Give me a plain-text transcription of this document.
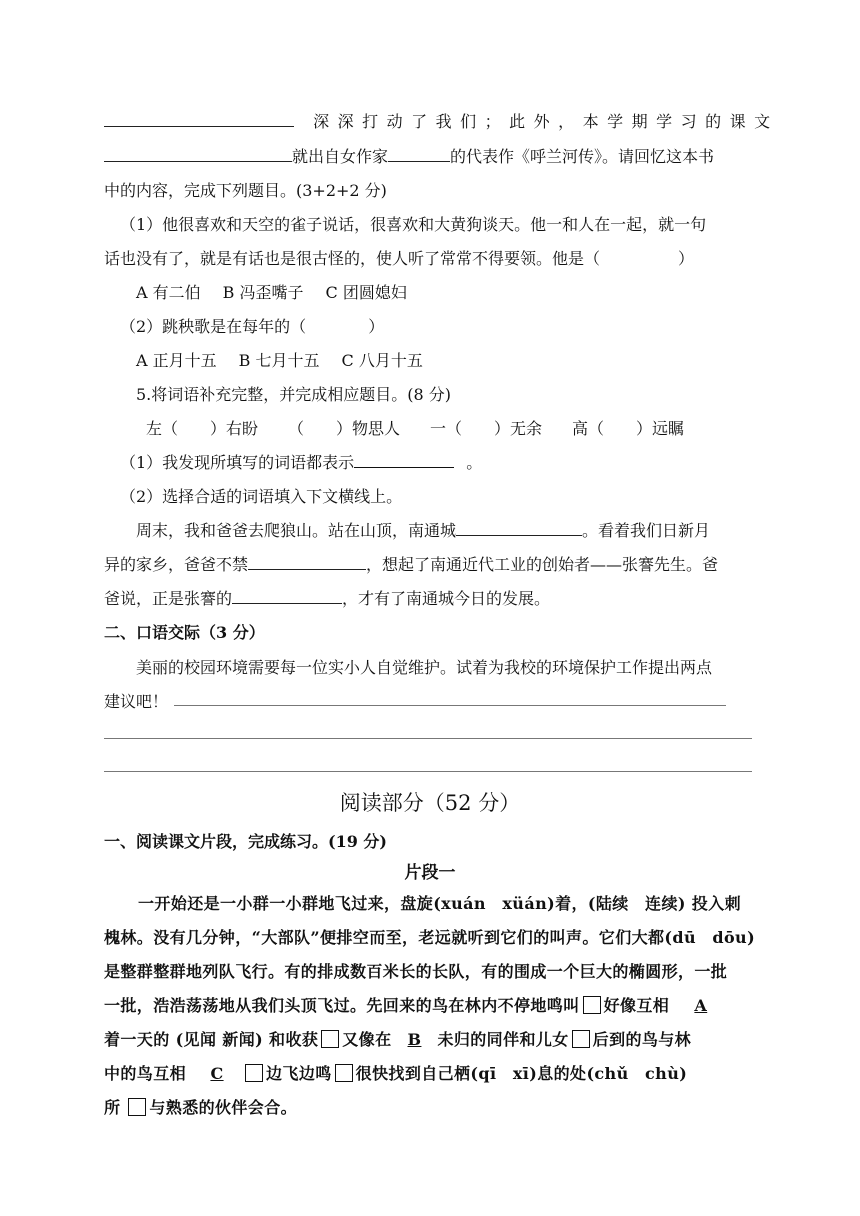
深深打动了我们；此外，本学期学习的课文
就出自女作家	的代表作《呼兰河传》。请回忆这本书
中的内容，完成下列题目。(3+2+2 分)
（1）他很喜欢和天空的雀子说话，很喜欢和大黄狗谈天。他一和人在一起，就一句
话也没有了，就是有话也是很古怪的，使人听了常常不得要领。他是（	）
A 有二伯 B 冯歪嘴子 C 团圆媳妇
（2）跳秧歌是在每年的（	）
A 正月十五 B 七月十五 C 八月十五
5.将词语补充完整，并完成相应题目。(8 分)
左（　　）右盼 （　　）物思人 一（　　）无余 高（　　）远瞩
（1）我发现所填写的词语都表示	。
（2）选择合适的词语填入下文横线上。
周末，我和爸爸去爬狼山。站在山顶，南通城	。看着我们日新月
异的家乡，爸爸不禁	，想起了南通近代工业的创始者——张謇先生。爸
爸说，正是张謇的	，才有了南通城今日的发展。
二、口语交际（3 分）
美丽的校园环境需要每一位实小人自觉维护。试着为我校的环境保护工作提出两点
建议吧！
阅读部分（52 分）
一、阅读课文片段，完成练习。(19 分)
片段一
一开始还是一小群一小群地飞过来，盘旋(xuán　xüán)着，(陆续　连续) 投入刺
槐林。没有几分钟，“大部队”便排空而至，老远就听到它们的叫声。它们大都(dū　dōu)
是整群整群地列队飞行。有的排成数百米长的长队，有的围成一个巨大的椭圆形，一批
一批，浩浩荡荡地从我们头顶飞过。先回来的鸟在林内不停地鸣叫 好像互相 A
着一天的 (见闻 新闻) 和收获 又像在 B 未归的同伴和儿女 后到的鸟与林
中的鸟互相 C	边飞边鸣 很快找到自己栖(qī　xī)息的处(chǔ　chù)
所 与熟悉的伙伴会合。
